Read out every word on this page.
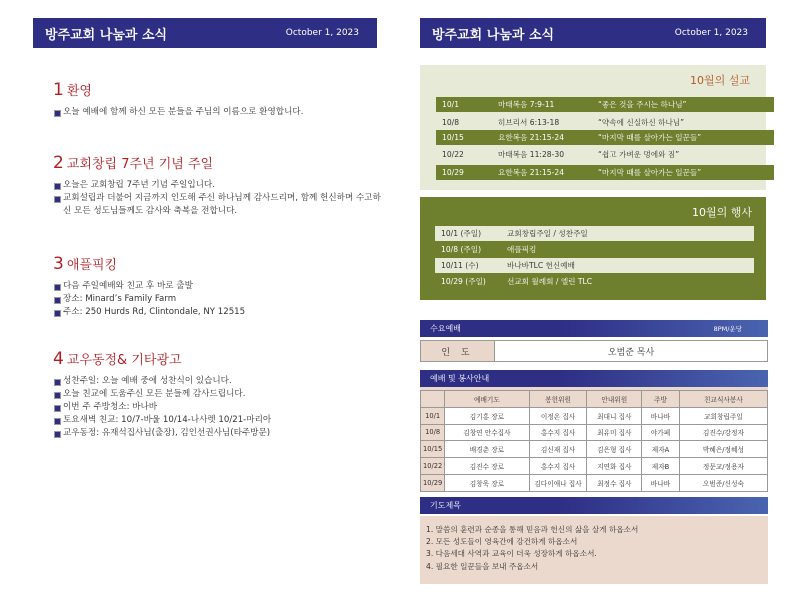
방주교회 나눔과 소식	October 1, 2023
1 환영
오늘 예배에 함께 하신 모든 분들을 주님의 이름으로 환영합니다.
2 교회창립 7주년 기념 주일
오늘은 교회창립 7주년 기념 주일입니다.
교회설립과 더불어 지금까지 인도해 주신 하나님께 감사드리며, 함께 헌신하며 수고하신 모든 성도님들께도 감사와 축복을 전합니다.
3 애플픽킹
다음 주일예배와 친교 후 바로 출발
장소: Minard’s Family Farm
주소: 250 Hurds Rd, Clintondale, NY 12515
4 교우동정& 기타광고
성찬주일: 오늘 예배 중에 성찬식이 있습니다.
오늘 친교에 도움주신 모든 분들께 감사드립니다.
이번 주 주방청소: 바나바
토요새벽 친교: 10/7-바울 10/14-나사렛 10/21-마리아
교우동정: 유재석집사님(출장), 김인선권사님(타주방문)
방주교회 나눔과 소식	October 1, 2023
10월의 설교
10/1	마태복음 7:9-11	“좋은 것을 주시는 하나님”
10/8	히브리서 6:13-18	“약속에 신실하신 하나님”
10/15	요한복음 21:15-24	“마지막 때를 살아가는 일꾼들”
10/22	마태복음 11:28-30	“쉽고 가벼운 멍에와 짐”
10/29	요한복음 21:15-24	“마지막 때를 살아가는 일꾼들”
10월의 행사
10/1 (주일)	교회창립주일 / 성찬주일
10/8 (주일)	애플픽킹
10/11 (수)	바나바TLC 헌신예배
10/29 (주일)	선교회 월례회 / 엘린 TLC
수요예배	8PM/운당
인 도	오범준 목사
예배 및 봉사안내
	예배기도	봉헌위원	안내위원	주방	친교식사봉사
10/1	김기홍 장로	이정온 집사	최대니 집사	바나바	교회창립주일
10/8	김창연 안수집사	홍수지 집사	최유미 집사	야가페	김진수/강정자
10/15	배경춘 장로	김신재 집사	김은형 집사	제자A	박혜은/정혜성
10/22	김진수 장로	홍수지 집사	지연화 집사	제자B	정문교/정용자
10/29	김창욱 장로	김다이애나 집사	최정수 집사	바나바	오범준/신성숙
기도제목
1. 말씀의 훈련과 순종을 통해 믿음과 헌신의 삶을 살게 하옵소서
2. 모든 성도들이 영육간에 강건하게 하옵소서
3. 다음세대 사역과 교육이 더욱 성장하게 하옵소서.
4. 필요한 일꾼들을 보내 주옵소서
